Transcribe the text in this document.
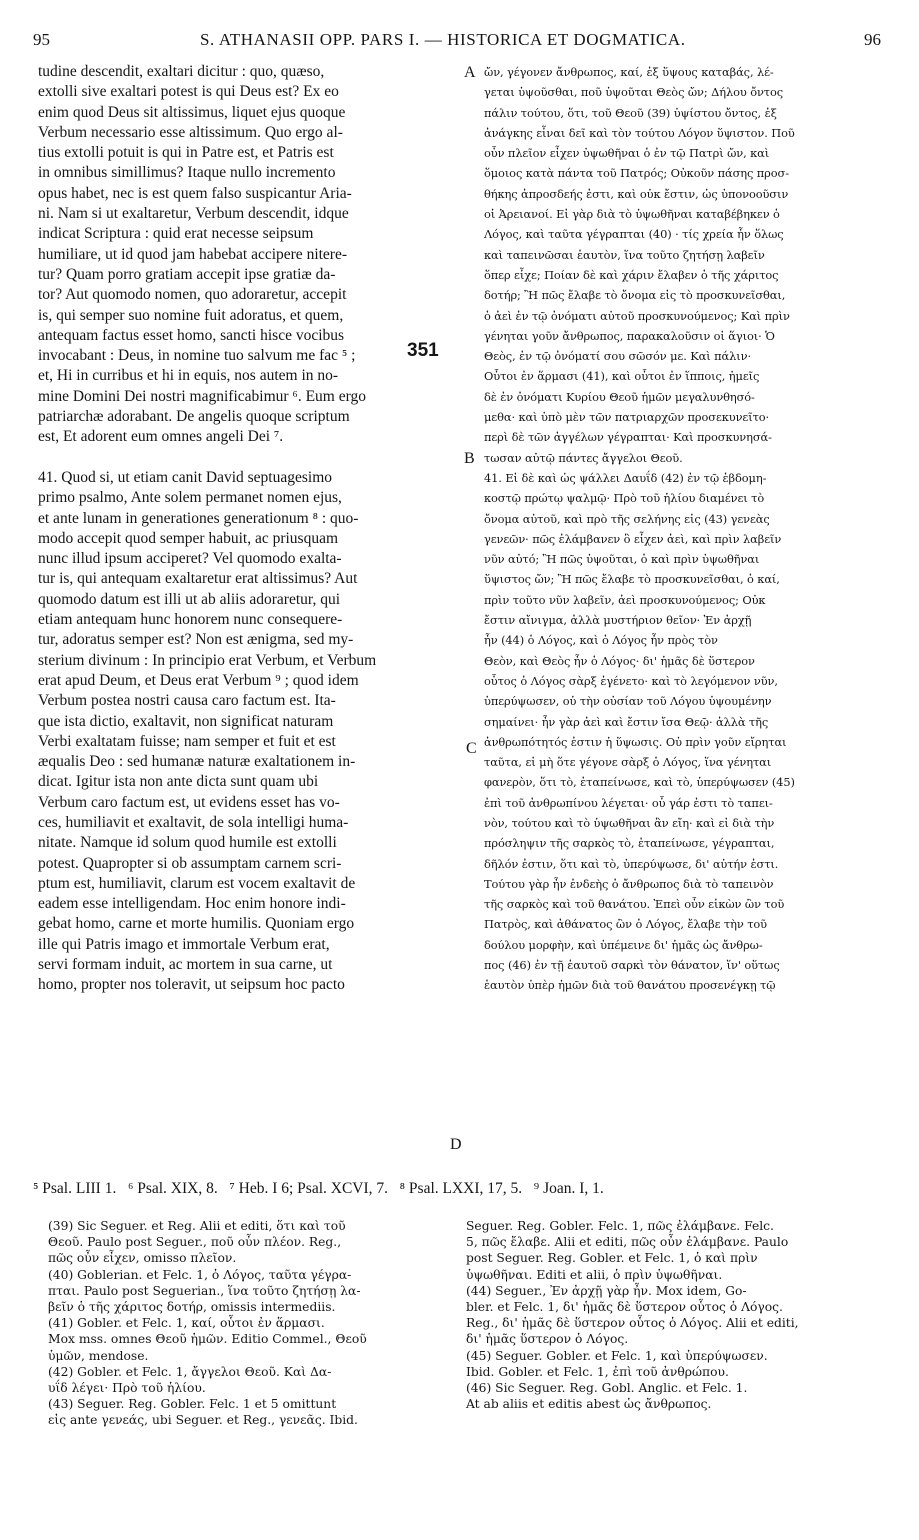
95	S. ATHANASII OPP. PARS I. — HISTORICA ET DOGMATICA.	96
tudine descendit, exaltari dicitur : quo, quæso,
extolli sive exaltari potest is qui Deus est? Ex eo
enim quod Deus sit altissimus, liquet ejus quoque
Verbum necessario esse altissimum. Quo ergo al-
tius extolli potuit is qui in Patre est, et Patris est
in omnibus simillimus? Itaque nullo incremento
opus habet, nec is est quem falso suspicantur Aria-
ni. Nam si ut exaltaretur, Verbum descendit, idque
indicat Scriptura : quid erat necesse seipsum
humiliare, ut id quod jam habebat accipere nitere-
tur? Quam porro gratiam accepit ipse gratiæ da-
tor? Aut quomodo nomen, quo adoraretur, accepit
is, qui semper suo nomine fuit adoratus, et quem,
antequam factus esset homo, sancti hisce vocibus
invocabant : Deus, in nomine tuo salvum me fac ⁵ ;
et, Hi in curribus et hi in equis, nos autem in no-
mine Domini Dei nostri magnificabimur ⁶. Eum ergo
patriarchæ adorabant. De angelis quoque scriptum
est, Et adorent eum omnes angeli Dei ⁷.
41. Quod si, ut etiam canit David septuagesimo
primo psalmo, Ante solem permanet nomen ejus,
et ante lunam in generationes generationum ⁸ : quo-
modo accepit quod semper habuit, ac priusquam
nunc illud ipsum acciperet? Vel quomodo exalta-
tur is, qui antequam exaltaretur erat altissimus? Aut
quomodo datum est illi ut ab aliis adoraretur, qui
etiam antequam hunc honorem nunc consequere-
tur, adoratus semper est? Non est ænigma, sed my-
sterium divinum : In principio erat Verbum, et Verbum
erat apud Deum, et Deus erat Verbum ⁹ ; quod idem
Verbum postea nostri causa caro factum est. Ita-
que ista dictio, exaltavit, non significat naturam
Verbi exaltatam fuisse; nam semper et fuit et est
æqualis Deo : sed humanæ naturæ exaltationem in-
dicat. Igitur ista non ante dicta sunt quam ubi
Verbum caro factum est, ut evidens esset has vo-
ces, humiliavit et exaltavit, de sola intelligi huma-
nitate. Namque id solum quod humile est extolli
potest. Quapropter si ob assumptam carnem scri-
ptum est, humiliavit, clarum est vocem exaltavit de
eadem esse intelligendam. Hoc enim honore indi-
gebat homo, carne et morte humilis. Quoniam ergo
ille qui Patris imago et immortale Verbum erat,
servi formam induit, ac mortem in sua carne, ut
homo, propter nos toleravit, ut seipsum hoc pacto
ὤν, γέγονεν ἄνθρωπος, καί, ἐξ ὕψους καταβάς, λέ-
γεται ὑψοῦσθαι, ποῦ ὑψοῦται Θεὸς ὤν; Δήλου ὄντος
πάλιν τούτου, ὅτι, τοῦ Θεοῦ (39) ὑψίστου ὄντος, ἐξ
ἀνάγκης εἶναι δεῖ καὶ τὸν τούτου Λόγον ὕψιστον. Ποῦ
οὖν πλεῖον εἶχεν ὑψωθῆναι ὁ ἐν τῷ Πατρὶ ὤν, καὶ
ὅμοιος κατὰ πάντα τοῦ Πατρός; Οὐκοῦν πάσης προσ-
θήκης ἀπροσδεής ἐστι, καὶ οὐκ ἔστιν, ὡς ὑπονοοῦσιν
οἱ Ἀρειανοί. Εἰ γὰρ διὰ τὸ ὑψωθῆναι καταβέβηκεν ὁ
Λόγος, καὶ ταῦτα γέγραπται (40) · τίς χρεία ἦν ὅλως
καὶ ταπεινῶσαι ἑαυτὸν, ἵνα τοῦτο ζητήσῃ λαβεῖν
ὅπερ εἶχε; Ποίαν δὲ καὶ χάριν ἔλαβεν ὁ τῆς χάριτος
δοτήρ; Ἢ πῶς ἔλαβε τὸ ὄνομα εἰς τὸ προσκυνεῖσθαι,
ὁ ἀεὶ ἐν τῷ ὀνόματι αὐτοῦ προσκυνούμενος; Καὶ πρὶν
γένηται γοῦν ἄνθρωπος, παρακαλοῦσιν οἱ ἅγιοι· Ὁ
Θεὸς, ἐν τῷ ὀνόματί σου σῶσόν με. Καὶ πάλιν·
Οὗτοι ἐν ἅρμασι (41), καὶ οὗτοι ἐν ἵπποις, ἡμεῖς
δὲ ἐν ὀνόματι Κυρίου Θεοῦ ἡμῶν μεγαλυνθησό-
μεθα· καὶ ὑπὸ μὲν τῶν πατριαρχῶν προσεκυνεῖτο·
περὶ δὲ τῶν ἀγγέλων γέγραπται· Καὶ προσκυνησά-
τωσαν αὐτῷ πάντες ἄγγελοι Θεοῦ.
41. Εἰ δὲ καὶ ὡς ψάλλει Δαυΐδ (42) ἐν τῷ ἑβδομη-
κοστῷ πρώτῳ ψαλμῷ· Πρὸ τοῦ ἡλίου διαμένει τὸ
ὄνομα αὐτοῦ, καὶ πρὸ τῆς σελήνης εἰς (43) γενεὰς
γενεῶν· πῶς ἐλάμβανεν ὃ εἶχεν ἀεὶ, καὶ πρὶν λαβεῖν
νῦν αὐτό; Ἢ πῶς ὑψοῦται, ὁ καὶ πρὶν ὑψωθῆναι
ὕψιστος ὤν; Ἢ πῶς ἔλαβε τὸ προσκυνεῖσθαι, ὁ καί,
πρὶν τοῦτο νῦν λαβεῖν, ἀεὶ προσκυνούμενος; Οὐκ
ἔστιν αἴνιγμα, ἀλλὰ μυστήριον θεῖον· Ἐν ἀρχῇ
ἦν (44) ὁ Λόγος, καὶ ὁ Λόγος ἦν πρὸς τὸν
Θεὸν, καὶ Θεὸς ἦν ὁ Λόγος· δι' ἡμᾶς δὲ ὕστερον
οὗτος ὁ Λόγος σὰρξ ἐγένετο· καὶ τὸ λεγόμενον νῦν,
ὑπερύψωσεν, οὐ τὴν οὐσίαν τοῦ Λόγου ὑψουμένην
σημαίνει· ἦν γὰρ ἀεὶ καὶ ἔστιν ἴσα Θεῷ· ἀλλὰ τῆς
ἀνθρωπότητός ἐστιν ἡ ὕψωσις. Οὐ πρὶν γοῦν εἴρηται
ταῦτα, εἰ μὴ ὅτε γέγονε σὰρξ ὁ Λόγος, ἵνα γένηται
φανερὸν, ὅτι τὸ, ἐταπείνωσε, καὶ τὸ, ὑπερύψωσεν (45)
ἐπὶ τοῦ ἀνθρωπίνου λέγεται· οὗ γάρ ἐστι τὸ ταπει-
νὸν, τούτου καὶ τὸ ὑψωθῆναι ἂν εἴη· καὶ εἰ διὰ τὴν
πρόσληψιν τῆς σαρκὸς τὸ, ἐταπείνωσε, γέγραπται,
δῆλόν ἐστιν, ὅτι καὶ τὸ, ὑπερύψωσε, δι' αὐτήν ἐστι.
Τούτου γὰρ ἦν ἐνδεὴς ὁ ἄνθρωπος διὰ τὸ ταπεινὸν
τῆς σαρκὸς καὶ τοῦ θανάτου. Ἐπεὶ οὖν εἰκὼν ὢν τοῦ
Πατρὸς, καὶ ἀθάνατος ὢν ὁ Λόγος, ἔλαβε τὴν τοῦ
δούλου μορφὴν, καὶ ὑπέμεινε δι' ἡμᾶς ὡς ἄνθρω-
πος (46) ἐν τῇ ἑαυτοῦ σαρκὶ τὸν θάνατον, ἵν' οὕτως
ἑαυτὸν ὑπὲρ ἡμῶν διὰ τοῦ θανάτου προσενέγκῃ τῷ
A
B
C
D
351
⁵ Psal. LIII 1.   ⁶ Psal. XIX, 8.   ⁷ Heb. I 6; Psal. XCVI, 7.   ⁸ Psal. LXXI, 17, 5.   ⁹ Joan. I, 1.
(39) Sic Seguer. et Reg. Alii et editi, ὅτι καὶ τοῦ
Θεοῦ. Paulo post Seguer., ποῦ οὖν πλέον. Reg.,
πῶς οὖν εἶχεν, omisso πλεῖον.
(40) Goblerian. et Felc. 1, ὁ Λόγος, ταῦτα γέγρα-
πται. Paulo post Seguerian., ἵνα τοῦτο ζητήσῃ λα-
βεῖν ὁ τῆς χάριτος δοτήρ, omissis intermediis.
(41) Gobler. et Felc. 1, καί, οὗτοι ἐν ἅρμασι.
Mox mss. omnes Θεοῦ ἡμῶν. Editio Commel., Θεοῦ
ὑμῶν, mendose.
(42) Gobler. et Felc. 1, ἄγγελοι Θεοῦ. Καὶ Δα-
υΐδ λέγει· Πρὸ τοῦ ἡλίου.
(43) Seguer. Reg. Gobler. Felc. 1 et 5 omittunt
εἰς ante γενεάς, ubi Seguer. et Reg., γενεᾶς. Ibid.
Seguer. Reg. Gobler. Felc. 1, πῶς ἐλάμβανε. Felc.
5, πῶς ἔλαβε. Alii et editi, πῶς οὖν ἐλάμβανε. Paulo
post Seguer. Reg. Gobler. et Felc. 1, ὁ καὶ πρὶν
ὑψωθῆναι. Editi et alii, ὁ πρὶν ὑψωθῆναι.
(44) Seguer., Ἐν ἀρχῇ γὰρ ἦν. Mox idem, Go-
bler. et Felc. 1, δι' ἡμᾶς δὲ ὕστερον οὗτος ὁ Λόγος.
Reg., δι' ἡμᾶς δὲ ὕστερον οὗτος ὁ Λόγος. Alii et editi,
δι' ἡμᾶς ὕστερον ὁ Λόγος.
(45) Seguer. Gobler. et Felc. 1, καὶ ὑπερύψωσεν.
Ibid. Gobler. et Felc. 1, ἐπὶ τοῦ ἀνθρώπου.
(46) Sic Seguer. Reg. Gobl. Anglic. et Felc. 1.
At ab aliis et editis abest ὡς ἄνθρωπος.
